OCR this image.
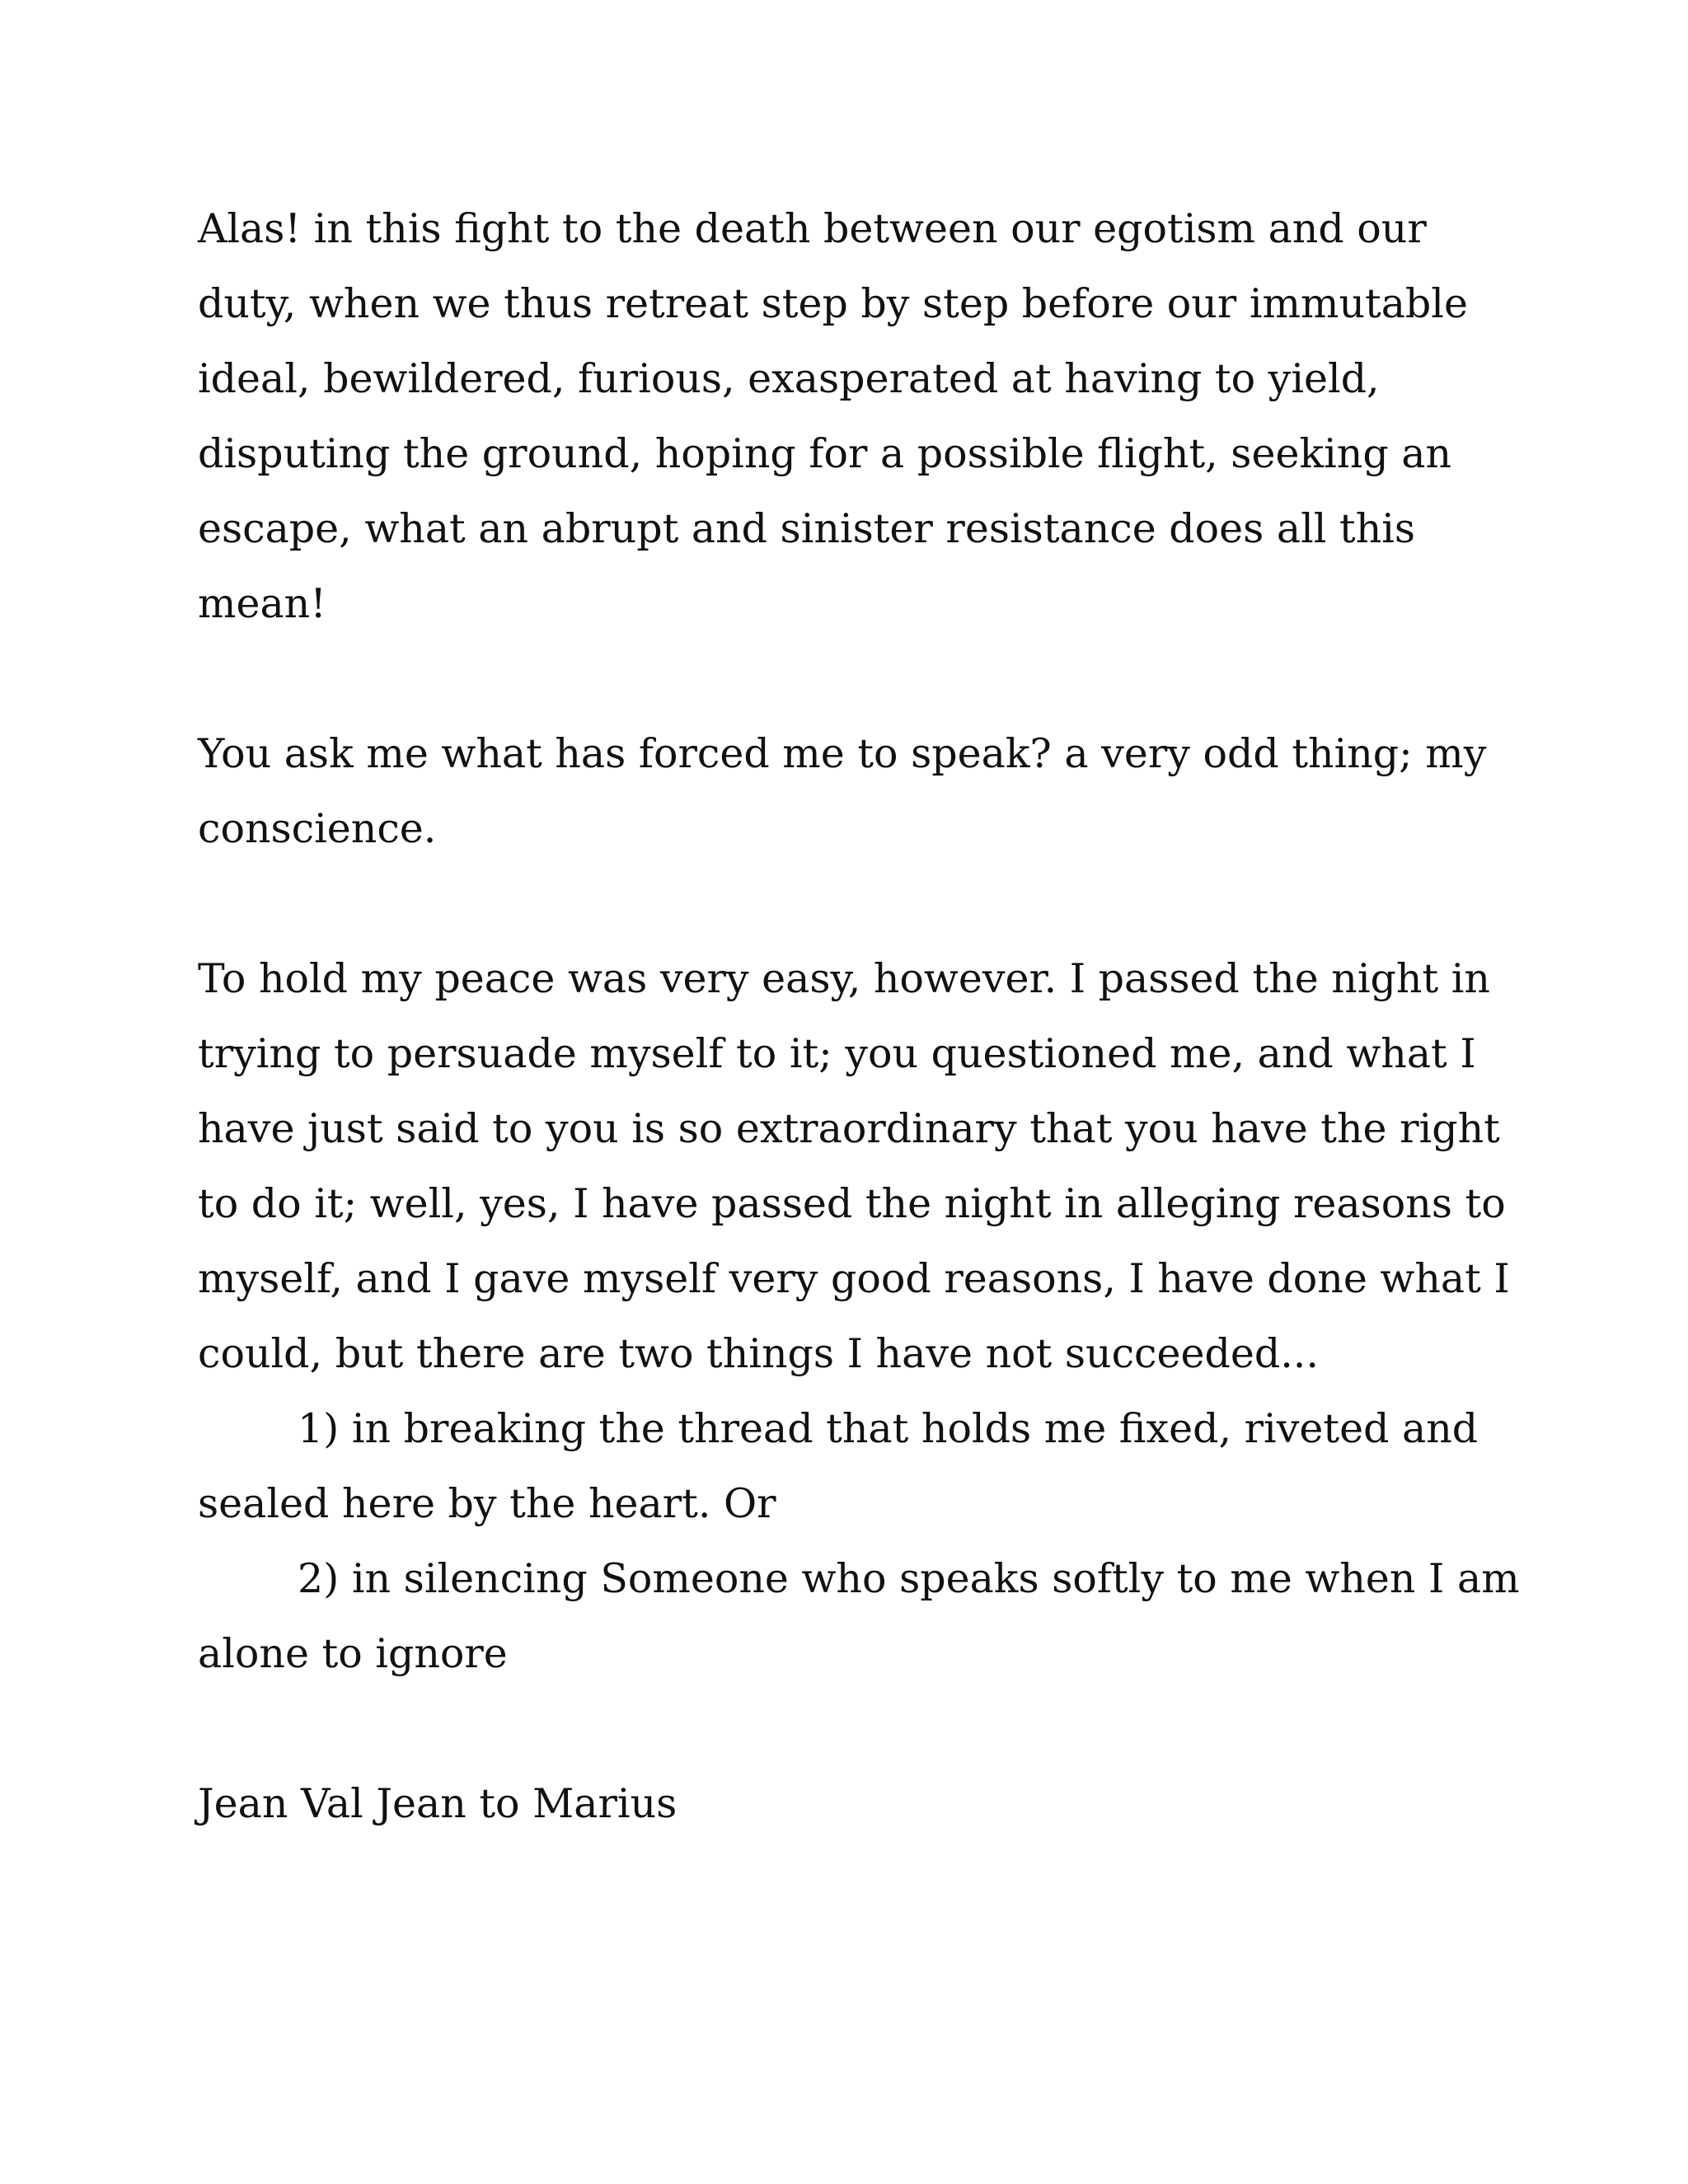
Alas! in this fight to the death between our egotism and our duty, when we thus retreat step by step before our immutable ideal, bewildered, furious, exasperated at having to yield, disputing the ground, hoping for a possible flight, seeking an escape, what an abrupt and sinister resistance does all this mean!

You ask me what has forced me to speak? a very odd thing; my conscience.

To hold my peace was very easy, however. I passed the night in trying to persuade myself to it; you questioned me, and what I have just said to you is so extraordinary that you have the right to do it; well, yes, I have passed the night in alleging reasons to myself, and I gave myself very good reasons, I have done what I could, but there are two things I have not succeeded...

1) in breaking the thread that holds me fixed, riveted and sealed here by the heart. Or

2) in silencing Someone who speaks softly to me when I am alone to ignore

Jean Val Jean to Marius
